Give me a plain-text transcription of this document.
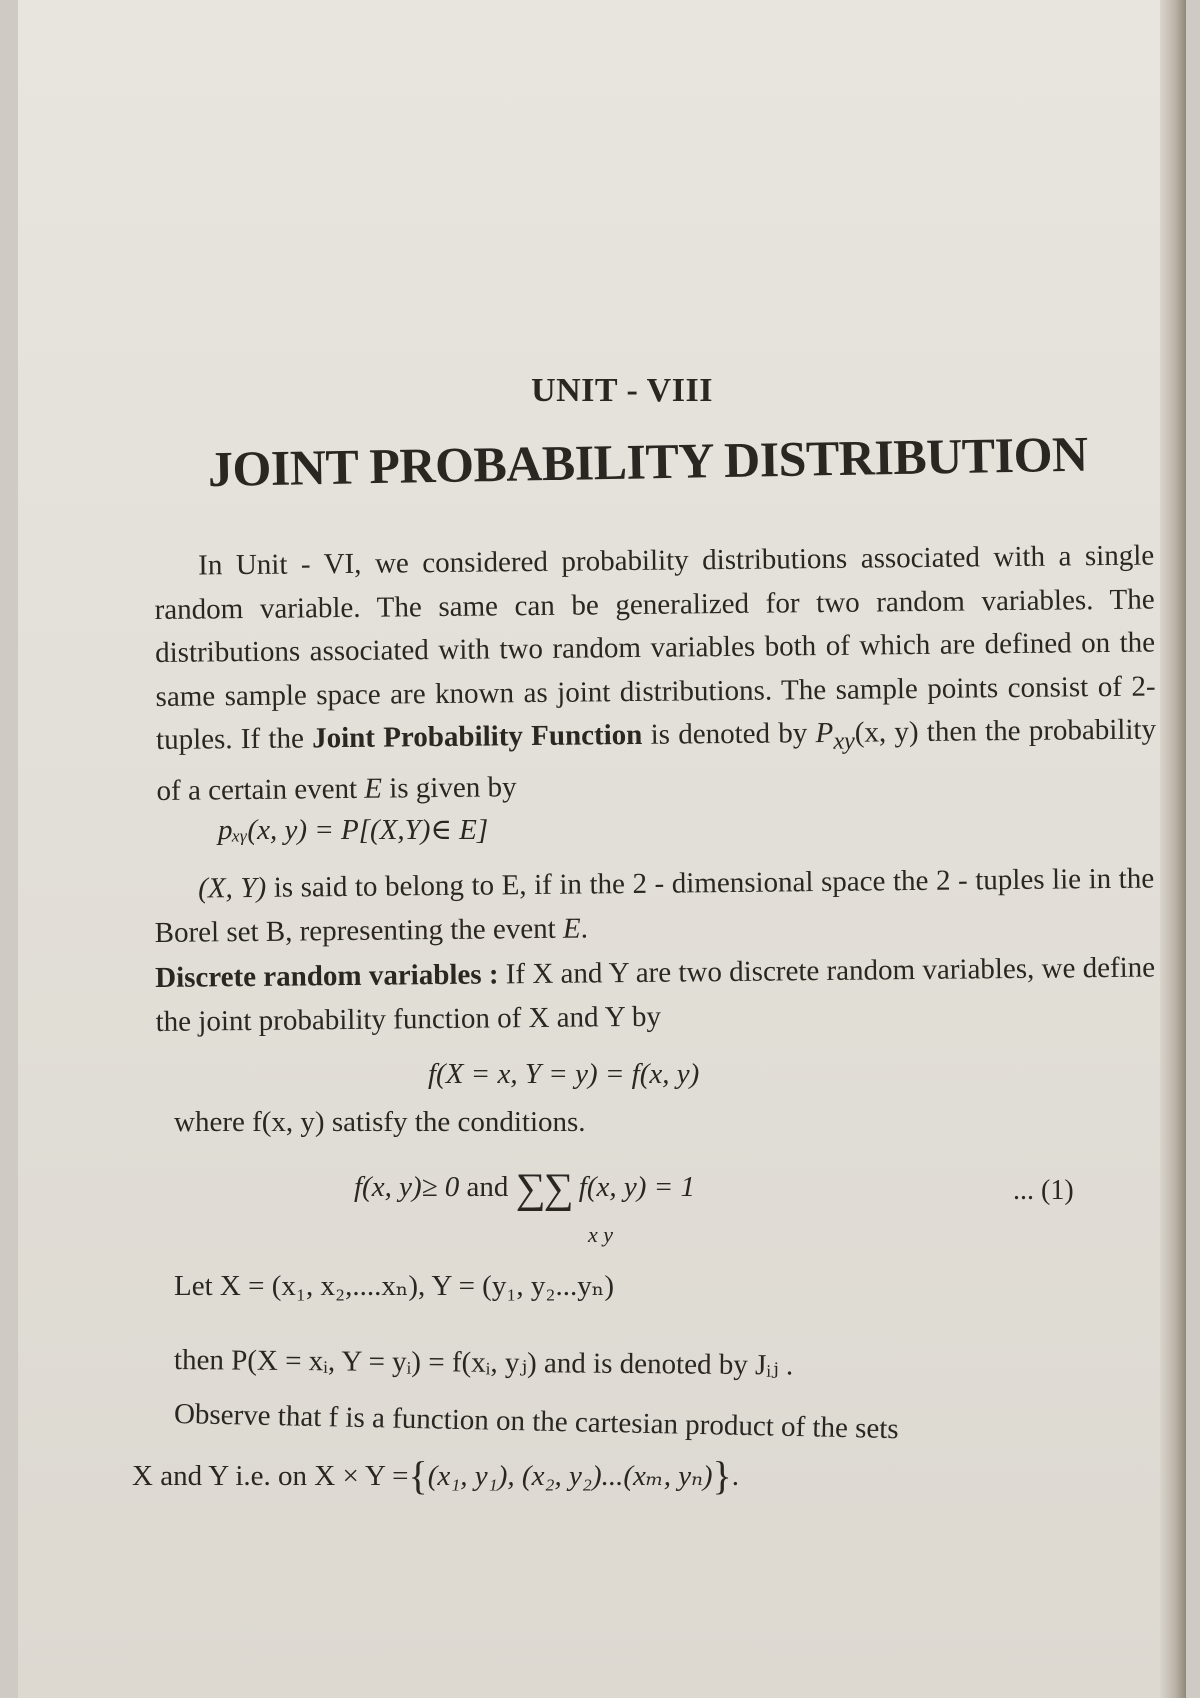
UNIT - VIII
JOINT PROBABILITY DISTRIBUTION

In Unit - VI, we considered probability distributions associated with a single random variable. The same can be generalized for two random variables. The distributions associated with two random variables both of which are defined on the same sample space are known as joint distributions. The sample points consist of 2- tuples. If the Joint Probability Function is denoted by $P_{xy}(x$, y) then the probability of a certain event E is given by

pₓᵧ(x, y) = P[(X,Y)∈ E]

(X, Y) is said to belong to E, if in the 2 - dimensional space the 2 - tuples lie in the Borel set B, representing the event E.

Discrete random variables : If X and Y are two discrete random variables, we define the joint probability function of X and Y by

f(X = x, Y = y) = f(x, y)
where f(x, y) satisfy the conditions.
f(x, y)≥ 0 and ∑∑ f(x, y) = 1
x y
... (1)
Let X = (x₁, x₂,....xₙ), Y = (y₁, y₂...yₙ)
then P(X = xᵢ, Y = yᵢ) = f(xᵢ, yⱼ) and is denoted by Jᵢⱼ .
Observe that f is a function on the cartesian product of the sets
X and Y i.e. on X × Y ={(x₁, y₁), (x₂, y₂)...(xₘ, yₙ)}.
